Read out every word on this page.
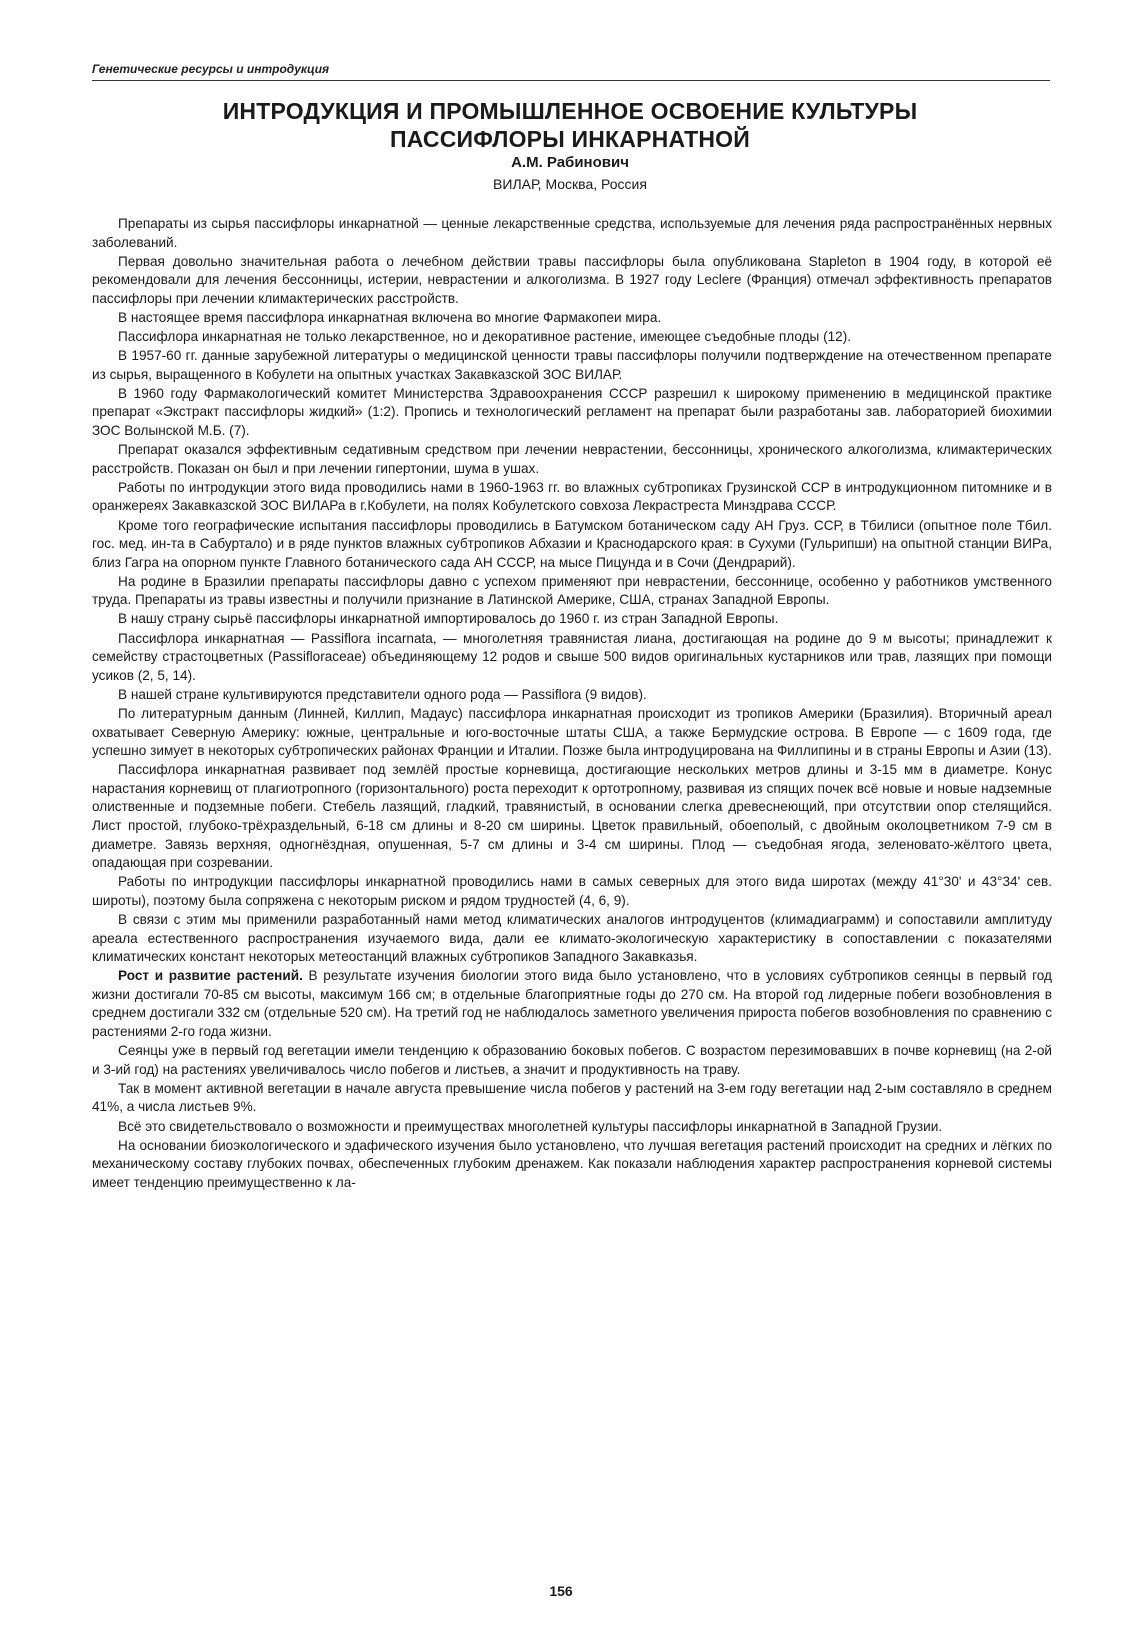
Генетические ресурсы и интродукция
ИНТРОДУКЦИЯ И ПРОМЫШЛЕННОЕ ОСВОЕНИЕ КУЛЬТУРЫ
ПАССИФЛОРЫ ИНКАРНАТНОЙ
А.М. Рабинович
ВИЛАР, Москва, Россия

Препараты из сырья пассифлоры инкарнатной — ценные лекарственные средства, используемые для лечения ряда распространённых нервных заболеваний.

Первая довольно значительная работа о лечебном действии травы пассифлоры была опубликована Stapleton в 1904 году, в которой её рекомендовали для лечения бессонницы, истерии, неврастении и алкоголизма. В 1927 году Leclere (Франция) отмечал эффективность препаратов пассифлоры при лечении климактерических расстройств.

В настоящее время пассифлора инкарнатная включена во многие Фармакопеи мира.

Пассифлора инкарнатная не только лекарственное, но и декоративное растение, имеющее съедобные плоды (12).

В 1957-60 гг. данные зарубежной литературы о медицинской ценности травы пассифлоры получили подтверждение на отечественном препарате из сырья, выращенного в Кобулети на опытных участках Закавказской ЗОС ВИЛАР.

В 1960 году Фармакологический комитет Министерства Здравоохранения СССР разрешил к широкому применению в медицинской практике препарат «Экстракт пассифлоры жидкий» (1:2). Пропись и технологический регламент на препарат были разработаны зав. лабораторией биохимии ЗОС Волынской М.Б. (7).

Препарат оказался эффективным седативным средством при лечении неврастении, бессонницы, хронического алкоголизма, климактерических расстройств. Показан он был и при лечении гипертонии, шума в ушах.

Работы по интродукции этого вида проводились нами в 1960-1963 гг. во влажных субтропиках Грузинской ССР в интродукционном питомнике и в оранжереях Закавказской ЗОС ВИЛАРа в г.Кобулети, на полях Кобулетского совхоза Лекрастреста Минздрава СССР.

Кроме того географические испытания пассифлоры проводились в Батумском ботаническом саду АН Груз. ССР, в Тбилиси (опытное поле Тбил. гос. мед. ин-та в Сабуртало) и в ряде пунктов влажных субтропиков Абхазии и Краснодарского края: в Сухуми (Гульрипши) на опытной станции ВИРа, близ Гагра на опорном пункте Главного ботанического сада АН СССР, на мысе Пицунда и в Сочи (Дендрарий).

На родине в Бразилии препараты пассифлоры давно с успехом применяют при неврастении, бессоннице, особенно у работников умственного труда. Препараты из травы известны и получили признание в Латинской Америке, США, странах Западной Европы.

В нашу страну сырьё пассифлоры инкарнатной импортировалось до 1960 г. из стран Западной Европы.

Пассифлора инкарнатная — Passiflora incarnata, — многолетняя травянистая лиана, достигающая на родине до 9 м высоты; принадлежит к семейству страстоцветных (Passifloraceae) объединяющему 12 родов и свыше 500 видов оригинальных кустарников или трав, лазящих при помощи усиков (2, 5, 14).

В нашей стране культивируются представители одного рода — Passiflora (9 видов).

По литературным данным (Линней, Киллип, Мадаус) пассифлора инкарнатная происходит из тропиков Америки (Бразилия). Вторичный ареал охватывает Северную Америку: южные, центральные и юго-восточные штаты США, а также Бермудские острова. В Европе — с 1609 года, где успешно зимует в некоторых субтропических районах Франции и Италии. Позже была интродуцирована на Филлипины и в страны Европы и Азии (13).

Пассифлора инкарнатная развивает под землёй простые корневища, достигающие нескольких метров длины и 3-15 мм в диаметре. Конус нарастания корневищ от плагиотропного (горизонтального) роста переходит к ортотропному, развивая из спящих почек всё новые и новые надземные олиственные и подземные побеги. Стебель лазящий, гладкий, травянистый, в основании слегка древеснеющий, при отсутствии опор стелящийся. Лист простой, глубоко-трёхраздельный, 6-18 см длины и 8-20 см ширины. Цветок правильный, обоеполый, с двойным околоцветником 7-9 см в диаметре. Завязь верхняя, одногнёздная, опушенная, 5-7 см длины и 3-4 см ширины. Плод — съедобная ягода, зеленовато-жёлтого цвета, опадающая при созревании.

Работы по интродукции пассифлоры инкарнатной проводились нами в самых северных для этого вида широтах (между 41°30' и 43°34' сев. широты), поэтому была сопряжена с некоторым риском и рядом трудностей (4, 6, 9).

В связи с этим мы применили разработанный нами метод климатических аналогов интродуцентов (климадиаграмм) и сопоставили амплитуду ареала естественного распространения изучаемого вида, дали ее климато-экологическую характеристику в сопоставлении с показателями климатических констант некоторых метеостанций влажных субтропиков Западного Закавказья.

Рост и развитие растений. В результате изучения биологии этого вида было установлено, что в условиях субтропиков сеянцы в первый год жизни достигали 70-85 см высоты, максимум 166 см; в отдельные благоприятные годы до 270 см. На второй год лидерные побеги возобновления в среднем достигали 332 см (отдельные 520 см). На третий год не наблюдалось заметного увеличения прироста побегов возобновления по сравнению с растениями 2-го года жизни.

Сеянцы уже в первый год вегетации имели тенденцию к образованию боковых побегов. С возрастом перезимовавших в почве корневищ (на 2-ой и 3-ий год) на растениях увеличивалось число побегов и листьев, а значит и продуктивность на траву.

Так в момент активной вегетации в начале августа превышение числа побегов у растений на 3-ем году вегетации над 2-ым составляло в среднем 41%, а числа листьев 9%.

Всё это свидетельствовало о возможности и преимуществах многолетней культуры пассифлоры инкарнатной в Западной Грузии.

На основании биоэкологического и эдафического изучения было установлено, что лучшая вегетация растений происходит на средних и лёгких по механическому составу глубоких почвах, обеспеченных глубоким дренажем. Как показали наблюдения характер распространения корневой системы имеет тенденцию преимущественно к ла-

156
